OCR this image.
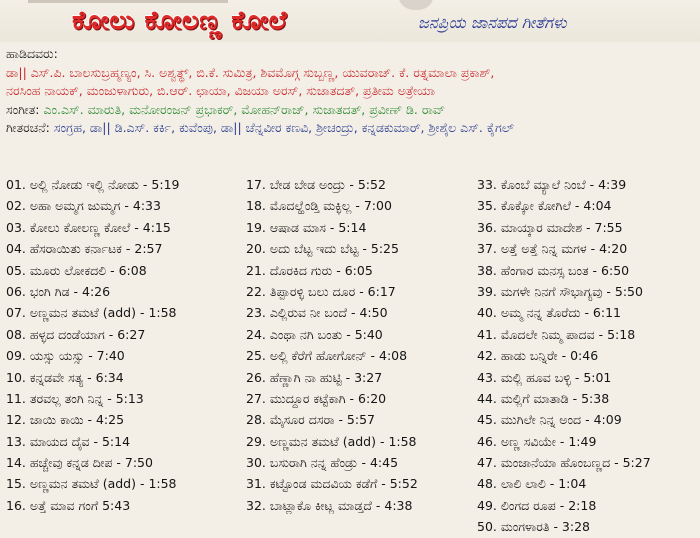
ಕೋಲು ಕೋಲಣ್ಣ ಕೋಲೆ	ಜನಪ್ರಿಯ ಜಾನಪದ ಗೀತೆಗಳು
ಹಾಡಿದವರು:
ಡಾ|| ಎಸ್.ಪಿ. ಬಾಲಸುಬ್ರಹ್ಮಣ್ಯಂ, ಸಿ. ಅಶ್ವತ್ಥ್, ಬಿ.ಕೆ. ಸುಮಿತ್ರ, ಶಿವಮೊಗ್ಗ ಸುಬ್ಬಣ್ಣ, ಯುವರಾಜ್. ಕೆ. ರತ್ನಮಾಲಾ ಪ್ರಕಾಶ್,
ನರಸಿಂಹ ನಾಯಕ್, ಮಂಜುಳಾಗುರು, ಬಿ.ಆರ್. ಛಾಯಾ, ವಿಜಯಾ ಅರಸ್, ಸುಜಾತದತ್, ಪ್ರತೀಮ ಅತ್ರೇಯಾ
ಸಂಗೀತ: ಎಂ.ಎಸ್. ಮಾರುತಿ, ಮನೋರಂಜನ್ ಪ್ರಭಾಕರ್, ಮೋಹನ್‌ರಾಜ್, ಸುಜಾತದತ್, ಪ್ರವೀಣ್ ಡಿ. ರಾವ್
ಗೀತರಚನೆ: ಸಂಗ್ರಹ, ಡಾ|| ಡಿ.ಎಸ್. ಕರ್ಕಿ, ಕುವೆಂಪು, ಡಾ|| ಚೆನ್ನವೀರ ಕಣವಿ, ಶ್ರೀಚಂದ್ರು, ಕನ್ನಡಕುಮಾರ್, ಶ್ರೀಶೈಲ ಎಸ್. ಕೈಗಲ್
01. ಅಲ್ಲಿ ನೋಡು ಇಲ್ಲಿ ನೋಡು - 5:19
02. ಅಹಾ ಅಮ್ಮಗ ಜುಮ್ಮಗ - 4:33
03. ಕೋಲು ಕೋಲಣ್ಣ ಕೋಲೆ - 4:15
04. ಹೆಸರಾಯಿತು ಕರ್ನಾಟಕ - 2:57
05. ಮೂರು ಲೋಕದಲಿ - 6:08
06. ಭಂಗಿ ಗಿಡ - 4:26
07. ಅಣ್ಣಮನ ತಮಟೆ (add) - 1:58
08. ಹಳ್ಳದ ದಂಡೆಯಾಗ - 6:27
09. ಯಸ್ಸು ಯಸ್ಸು - 7:40
10. ಕನ್ನಡವೇ ಸತ್ಯ - 6:34
11. ತರವಲ್ಲ ತಂಗಿ ನಿನ್ನ - 5:13
12. ಜಾಯಿ ಕಾಯಿ - 4:25
13. ಮಾಯದ ದೈವ - 5:14
14. ಹಚ್ಚೇವು ಕನ್ನಡ ದೀಪ - 7:50
15. ಅಣ್ಣಮನ ತಮಟೆ (add) - 1:58
16. ಅತ್ತೆ ಮಾವ ಗಂಗೆ 5:43
17. ಬೇಡ ಬೇಡ ಅಂದ್ರು - 5:52
18. ಮೊದಲ್ಹೆಂಡ್ತಿ ಮಕ್ಳಿಲ್ಲ - 7:00
19. ಆಷಾಡ ಮಾಸ - 5:14
20. ಅದು ಬೆಟ್ಟ ಇದು ಬೆಟ್ಟ - 5:25
21. ದೊರಕಿದ ಗುರು - 6:05
22. ತಿಪ್ಪಾರಳ್ಳಿ ಬಲು ದೂರ - 6:17
23. ಎಲ್ಲಿರುವ ನೀ ಬಂದೆ - 4:50
24. ಎಂಥಾ ನಗಿ ಬಂತು - 5:40
25. ಅಲ್ಲಿ ಕೆರೆಗೆ ಹೋಗೋನ್ - 4:08
26. ಹೆಣ್ಣಾಗಿ ನಾ ಹುಟ್ಟಿ - 3:27
27. ಮುದ್ದೂರ ಕಟ್ಟೆಕಾಗಿ - 6:20
28. ಮೈಸೂರ ದಸರಾ - 5:57
29. ಅಣ್ಣಮನ ತಮಟೆ (add) - 1:58
30. ಬಸುರಾಗಿ ನನ್ನ ಹೆಂಡ್ರು - 4:45
31. ಕಟ್ಟೊಂಡ ಮದವಿಯ ಕಡೆಗೆ - 5:52
32. ಬಾಟ್ಲಾಕೊ ಕೀಟ್ಲ ಮಾಡ್ತದೆ - 4:38
33. ಕೊಂಬೆ ಮ್ಯಾಲೆ ನಿಂಬೆ - 4:39
35. ಕೊಕ್ಕೋ ಕೋಗಿಲೆ - 4:04
36. ಮಾಯ್ಕಾರ ಮಾದೇಶ - 7:55
37. ಅತ್ತೆ ಅತ್ತೆ ನಿನ್ನ ಮಗಳ - 4:20
38. ಹೆಂಗಾರ ಮನಸ್ಸ ಬಂತ - 6:50
39. ಮಗಳೇ ನಿನಗೆ ಸೌಭಾಗ್ಯವು - 5:50
40. ಅಮ್ಮ ನನ್ನ ತೊರೆದು - 6:11
41. ಮೊದಲೇ ನಿಮ್ಮ ಪಾದವ - 5:18
42. ಹಾಡು ಬನ್ನಿರೇ - 0:46
43. ಮಲ್ಲಿ ಹೂವ ಬಳ್ಳಿ - 5:01
44. ಮಲ್ಲಿಗೆ ಮಾತಾಡಿ - 5:38
45. ಮುಗಿಲೇ ನಿನ್ನ ಅಂದ - 4:09
46. ಅಣ್ಣ ಸವಿಯೇ - 1:49
47. ಮಂಜಾನೆಯಾ ಹೊಂಬಣ್ಣದ - 5:27
48. ಲಾಲಿ ಲಾಲಿ - 1:04
49. ಲಿಂಗದ ರೂಪ - 2:18
50. ಮಂಗಳಾರತಿ - 3:28
